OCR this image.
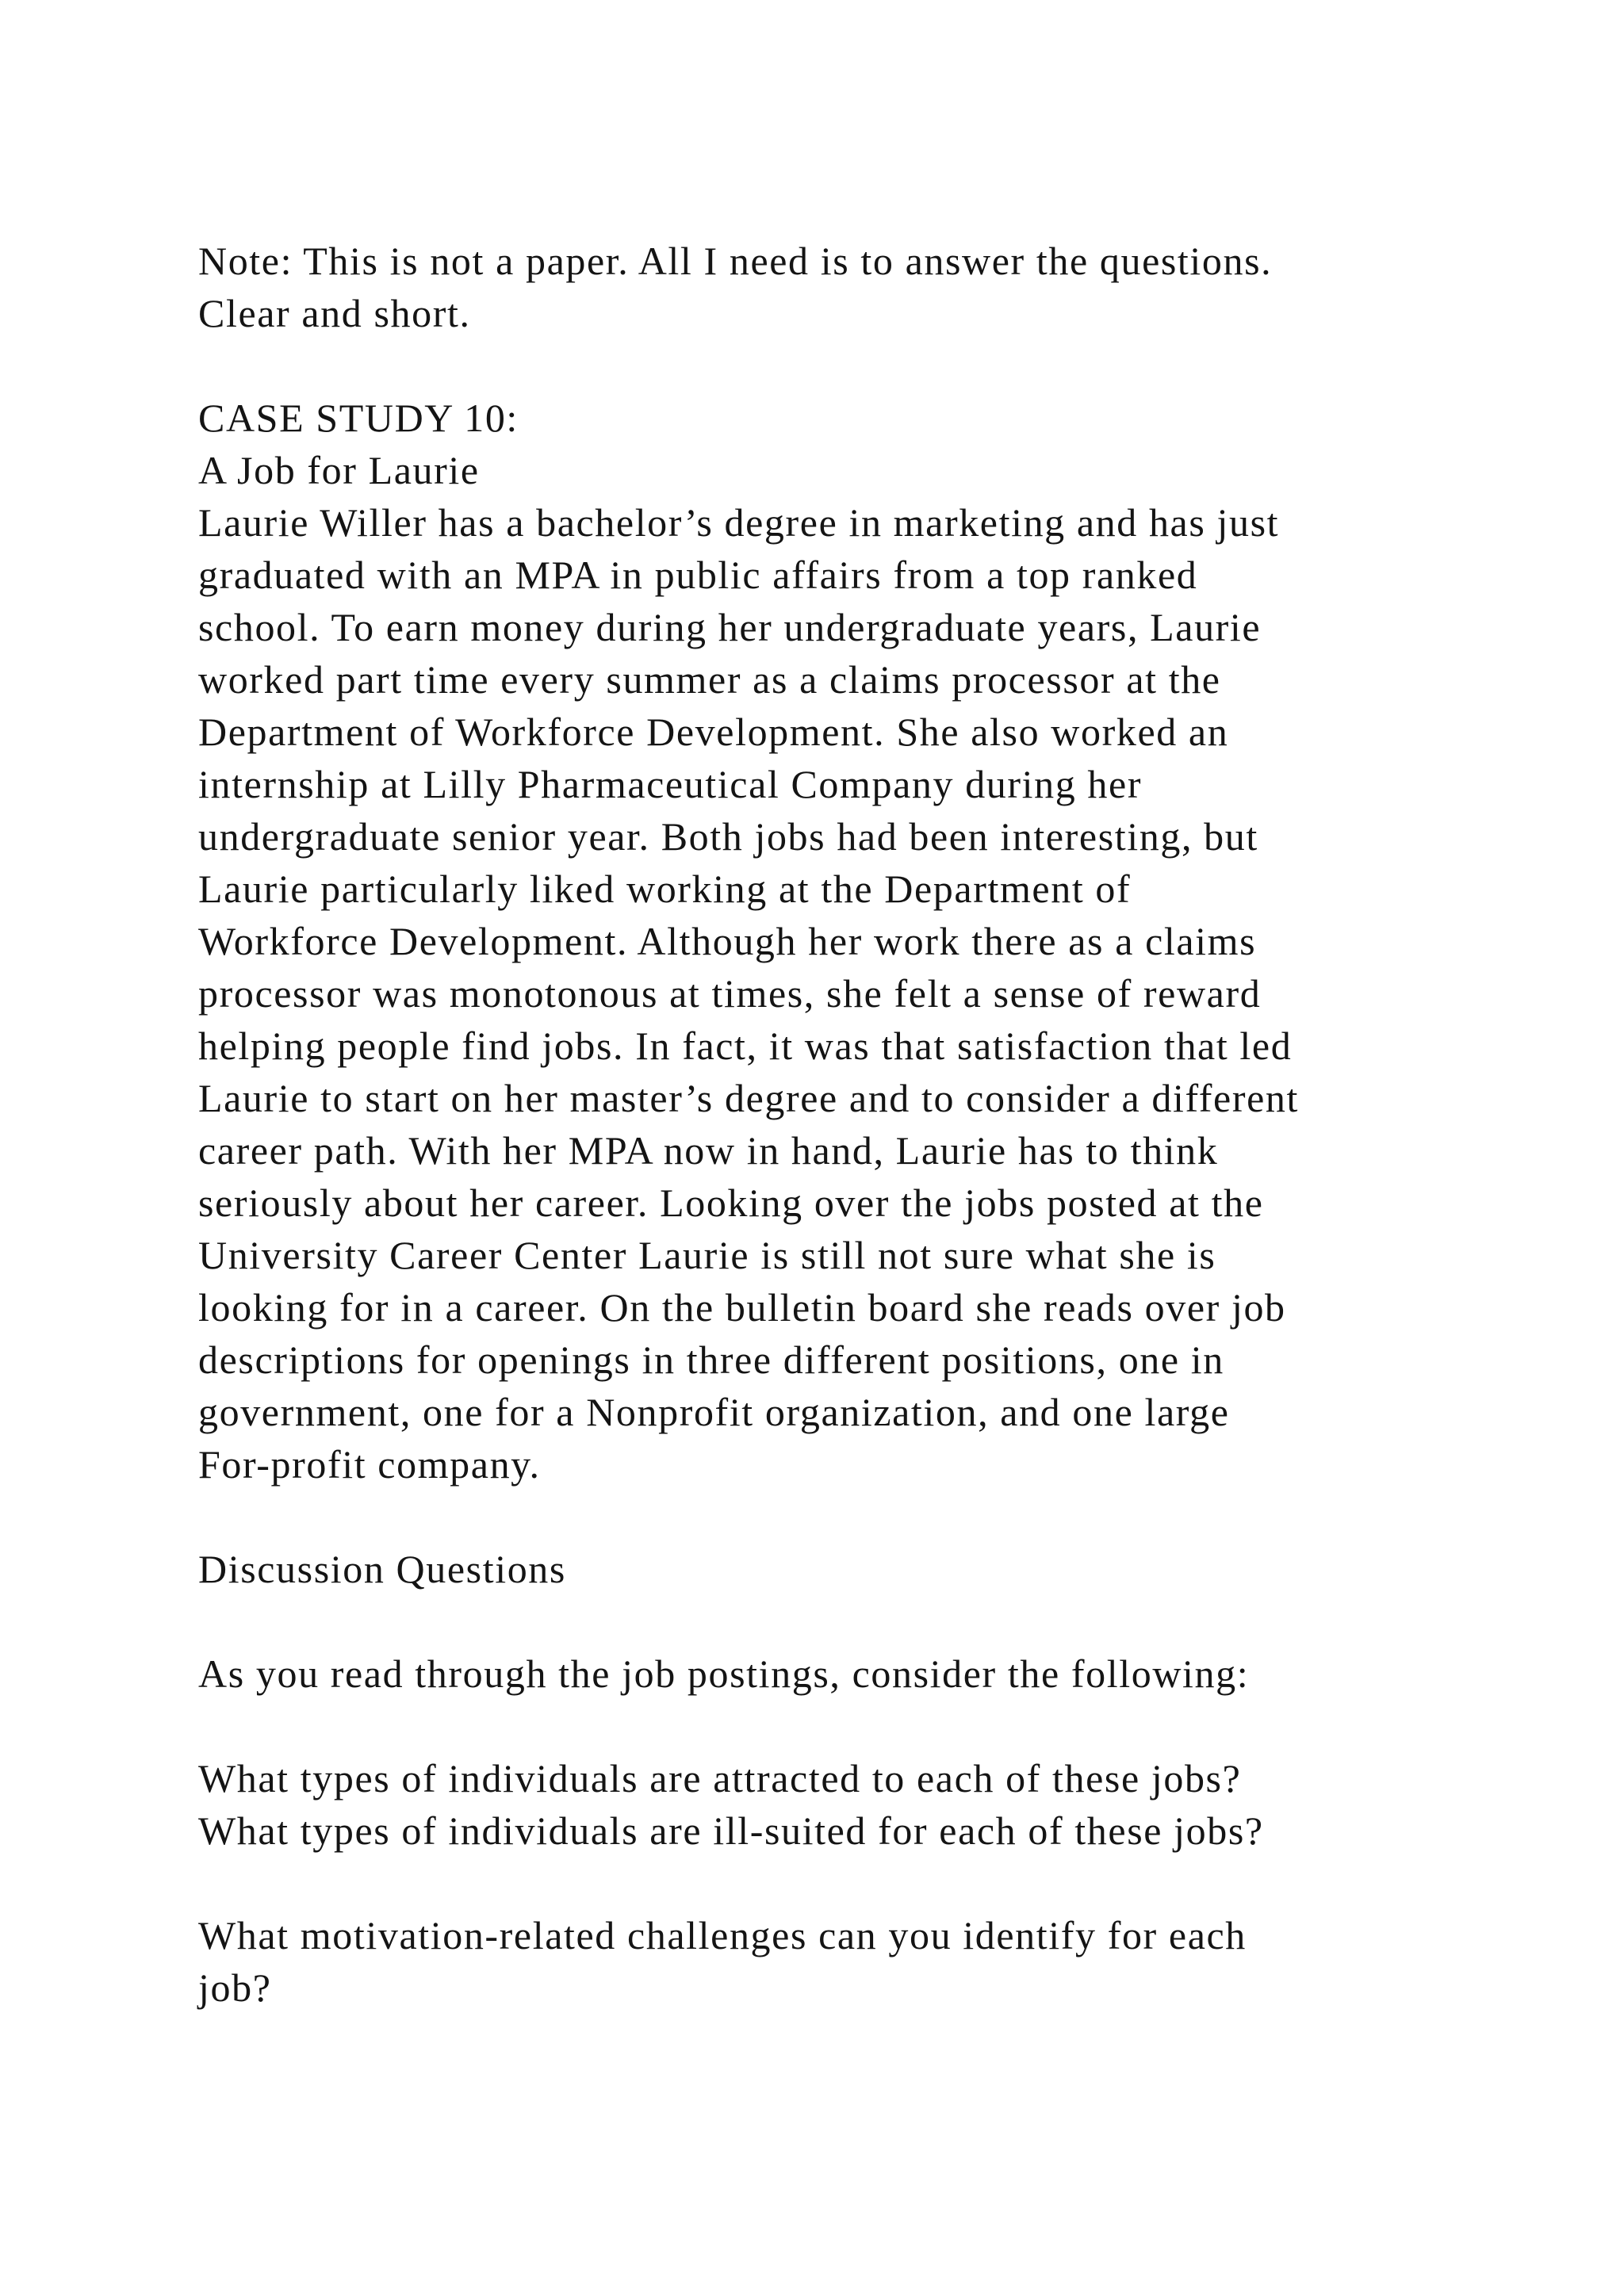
Note: This is not a paper. All I need is to answer the questions.
Clear and short.
CASE STUDY 10:
A Job for Laurie
Laurie Willer has a bachelor’s degree in marketing and has just
graduated with an MPA in public affairs from a top ranked
school. To earn money during her undergraduate years, Laurie
worked part time every summer as a claims processor at the
Department of Workforce Development. She also worked an
internship at Lilly Pharmaceutical Company during her
undergraduate senior year. Both jobs had been interesting, but
Laurie particularly liked working at the Department of
Workforce Development. Although her work there as a claims
processor was monotonous at times, she felt a sense of reward
helping people find jobs. In fact, it was that satisfaction that led
Laurie to start on her master’s degree and to consider a different
career path. With her MPA now in hand, Laurie has to think
seriously about her career. Looking over the jobs posted at the
University Career Center Laurie is still not sure what she is
looking for in a career. On the bulletin board she reads over job
descriptions for openings in three different positions, one in
government, one for a Nonprofit organization, and one large
For-profit company.
Discussion Questions
As you read through the job postings, consider the following:
What types of individuals are attracted to each of these jobs?
What types of individuals are ill-suited for each of these jobs?
What motivation-related challenges can you identify for each
job?
